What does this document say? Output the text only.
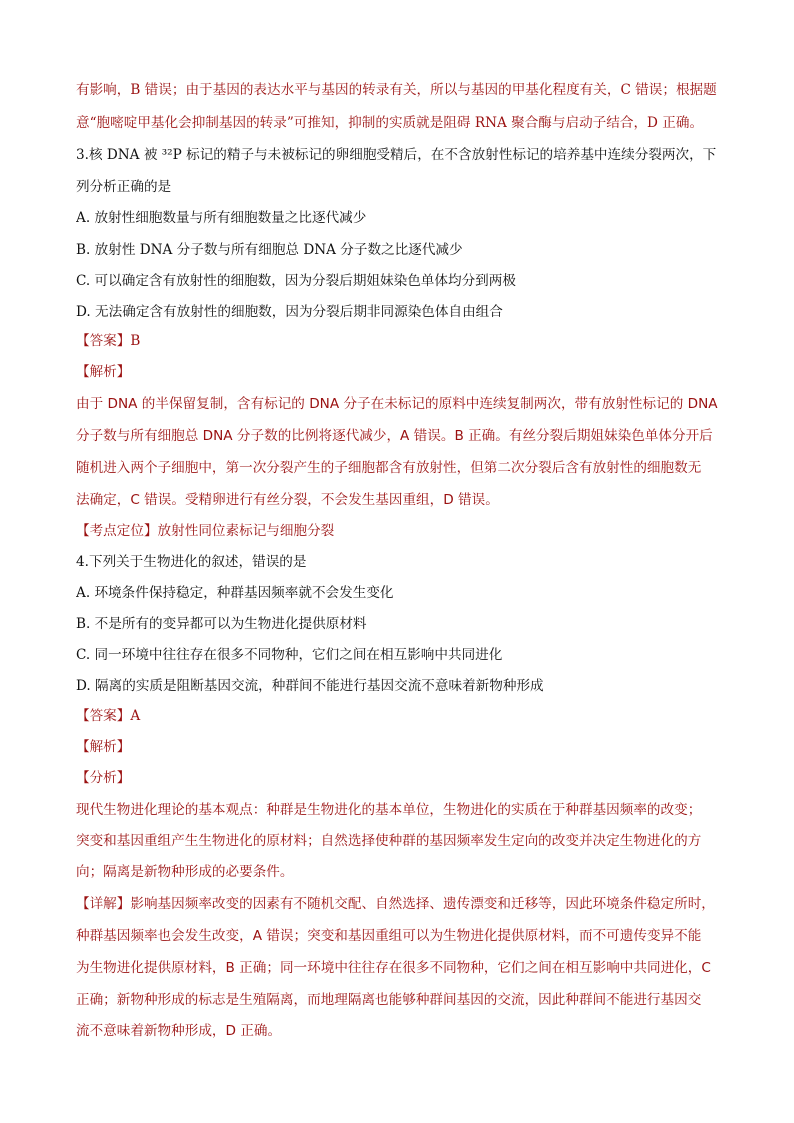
有影响，B 错误；由于基因的表达水平与基因的转录有关，所以与基因的甲基化程度有关，C 错误；根据题
意“胞嘧啶甲基化会抑制基因的转录”可推知，抑制的实质就是阻碍 RNA 聚合酶与启动子结合，D 正确。
3.核 DNA 被 ³²P 标记的精子与未被标记的卵细胞受精后，在不含放射性标记的培养基中连续分裂两次，下
列分析正确的是
A. 放射性细胞数量与所有细胞数量之比逐代减少
B. 放射性 DNA 分子数与所有细胞总 DNA 分子数之比逐代减少
C. 可以确定含有放射性的细胞数，因为分裂后期姐妹染色单体均分到两极
D. 无法确定含有放射性的细胞数，因为分裂后期非同源染色体自由组合
【答案】B
【解析】
由于 DNA 的半保留复制，含有标记的 DNA 分子在未标记的原料中连续复制两次，带有放射性标记的 DNA
分子数与所有细胞总 DNA 分子数的比例将逐代减少，A 错误。B 正确。有丝分裂后期姐妹染色单体分开后
随机进入两个子细胞中，第一次分裂产生的子细胞都含有放射性，但第二次分裂后含有放射性的细胞数无
法确定，C 错误。受精卵进行有丝分裂，不会发生基因重组，D 错误。
【考点定位】放射性同位素标记与细胞分裂
4.下列关于生物进化的叙述，错误的是
A. 环境条件保持稳定，种群基因频率就不会发生变化
B. 不是所有的变异都可以为生物进化提供原材料
C. 同一环境中往往存在很多不同物种，它们之间在相互影响中共同进化
D. 隔离的实质是阻断基因交流，种群间不能进行基因交流不意味着新物种形成
【答案】A
【解析】
【分析】
现代生物进化理论的基本观点：种群是生物进化的基本单位，生物进化的实质在于种群基因频率的改变；
突变和基因重组产生生物进化的原材料；自然选择使种群的基因频率发生定向的改变并决定生物进化的方
向；隔离是新物种形成的必要条件。
【详解】影响基因频率改变的因素有不随机交配、自然选择、遗传漂变和迁移等，因此环境条件稳定所时，
种群基因频率也会发生改变，A 错误；突变和基因重组可以为生物进化提供原材料，而不可遗传变异不能
为生物进化提供原材料，B 正确；同一环境中往往存在很多不同物种，它们之间在相互影响中共同进化，C
正确；新物种形成的标志是生殖隔离，而地理隔离也能够种群间基因的交流，因此种群间不能进行基因交
流不意味着新物种形成，D 正确。
